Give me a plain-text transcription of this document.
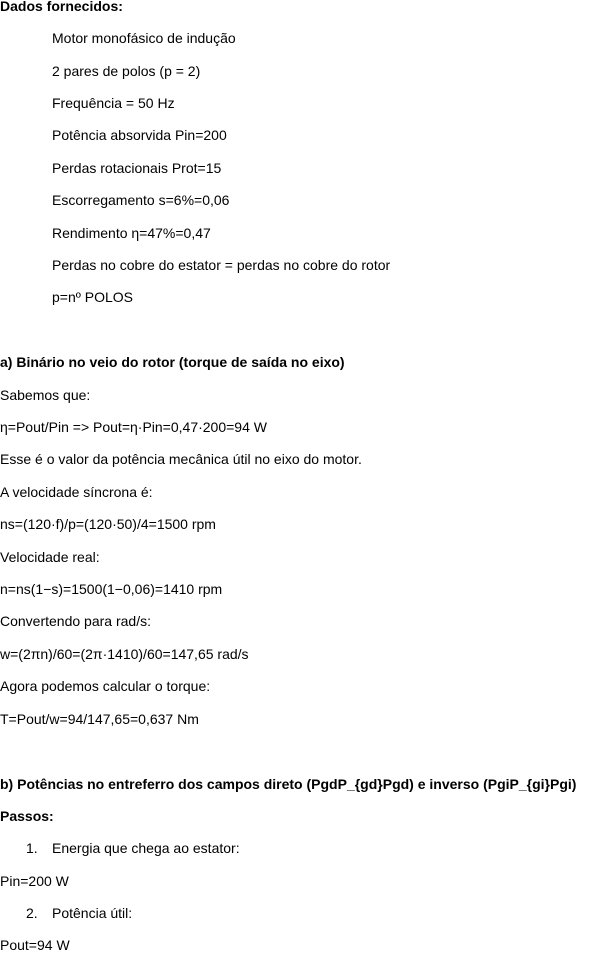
Dados fornecidos:
Motor monofásico de indução
2 pares de polos (p = 2)
Frequência = 50 Hz
Potência absorvida Pin=200
Perdas rotacionais Prot=15
Escorregamento s=6%=0,06
Rendimento η=47%=0,47
Perdas no cobre do estator = perdas no cobre do rotor
p=nº POLOS
a) Binário no veio do rotor (torque de saída no eixo)
Sabemos que:
η=Pout/Pin => Pout=η·Pin=0,47·200=94 W
Esse é o valor da potência mecânica útil no eixo do motor.
A velocidade síncrona é:
ns=(120·f)/p=(120·50)/4=1500 rpm
Velocidade real:
n=ns(1−s)=1500(1−0,06)=1410 rpm
Convertendo para rad/s:
w=(2πn)/60=(2π·1410)/60=147,65 rad/s
Agora podemos calcular o torque:
T=Pout/w=94/147,65=0,637 Nm
b) Potências no entreferro dos campos direto (PgdP_{gd}Pgd) e inverso (PgiP_{gi}Pgi)
Passos:
1. Energia que chega ao estator:
Pin=200 W
2. Potência útil:
Pout=94 W
